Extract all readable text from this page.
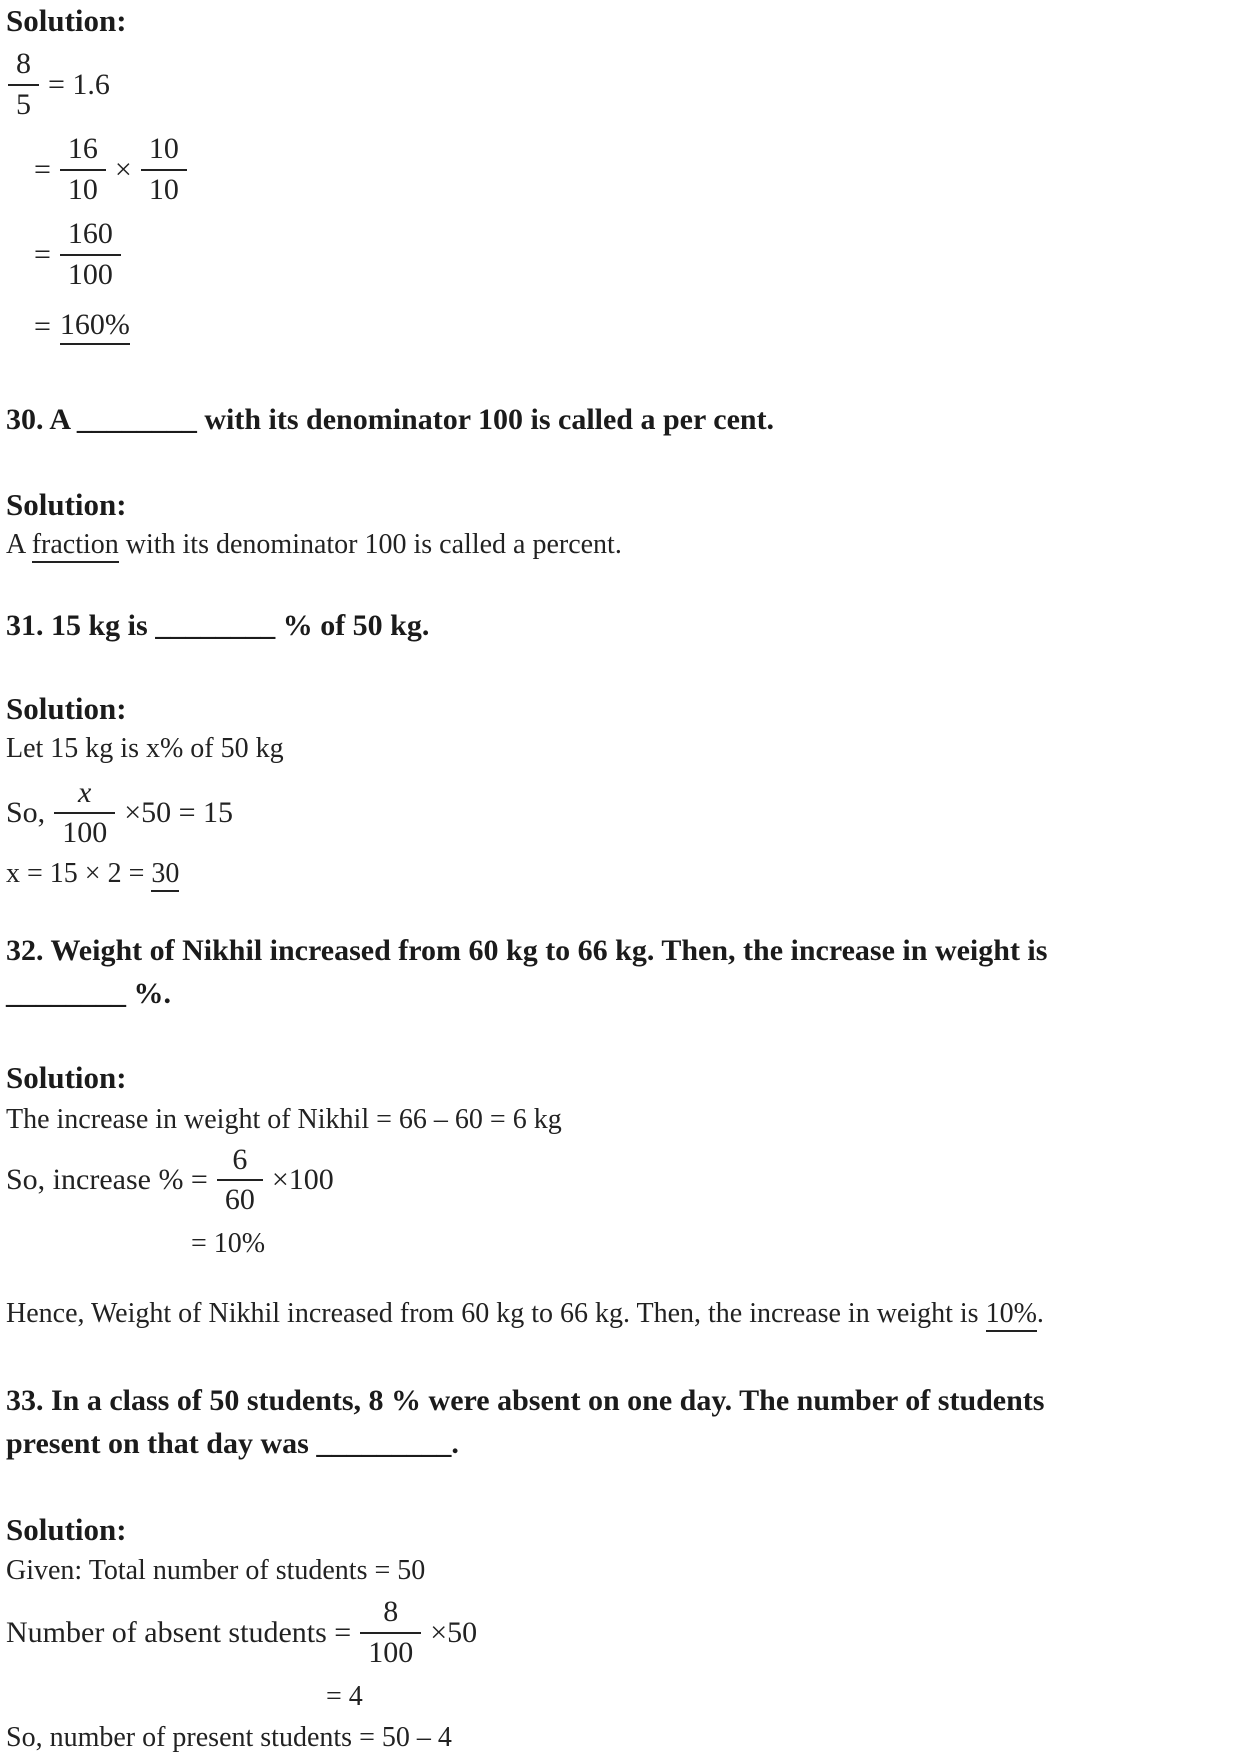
Solution:
$\frac{8}{5} = 1.6$
= $\frac{16}{10} \times \frac{10}{10}$
= $\frac{160}{100}$
= 160%
30. A ________ with its denominator 100 is called a per cent.
Solution:
A fraction with its denominator 100 is called a percent.
31. 15 kg is ________ % of 50 kg.
Solution:
Let 15 kg is x% of 50 kg
So, $\frac{x}{100} \times 50 = 15$
x = 15 × 2 = 30
32. Weight of Nikhil increased from 60 kg to 66 kg. Then, the increase in weight is ________ %.
Solution:
The increase in weight of Nikhil = 66 – 60 = 6 kg
So, increase % = $\frac{6}{60} \times 100$
= 10%
Hence, Weight of Nikhil increased from 60 kg to 66 kg. Then, the increase in weight is 10%.
33. In a class of 50 students, 8 % were absent on one day. The number of students present on that day was _________.
Solution:
Given: Total number of students = 50
Number of absent students = $\frac{8}{100} \times 50$
= 4
So, number of present students = 50 – 4
